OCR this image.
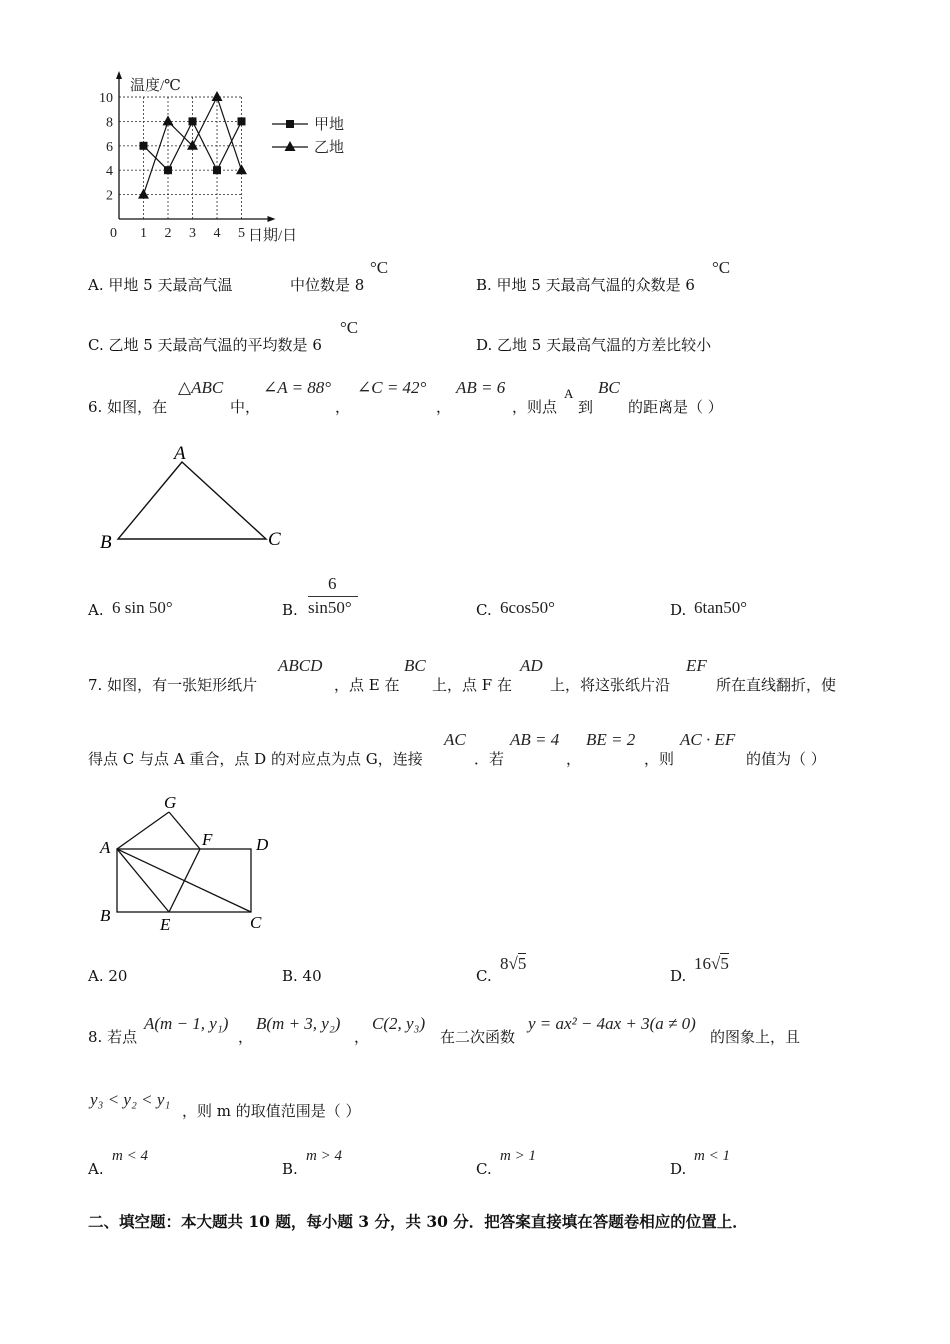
2
4
6
8
10
1 2 3 4 5
温度/℃
日期/日
0
甲地
乙地
A. 甲地 5 天最高气温	中位数是 8
°C
B. 甲地 5 天最高气温的众数是 6
°C
C. 乙地 5 天最高气温的平均数是 6
°C
D. 乙地 5 天最高气温的方差比较小
6. 如图，在
△ABC
中，
∠A = 88°
，
∠C = 42°
，
AB = 6
，则点
A
到
BC
的距离是（ ）
A
B	C
A. 6 sin 50°	B.
6
sin50°	C. 6cos50°	D. 6tan50°
7. 如图，有一张矩形纸片
ABCD
，点 E 在
BC
上，点 F 在
AD
上，将这张纸片沿
EF
所在直线翻折，使
得点 C 与点 A 重合，点 D 的对应点为点 G，连接
AC
．若
AB = 4
，
BE = 2
，则
AC · EF
的值为（ ）
G
A	F	D
B	E	C
A. 20	B. 40	C.
8√5
D.
16√5
8. 若点
A(m − 1, y₁)
，
B(m + 3, y₂)
，
C(2, y₃)
在二次函数
y = ax² − 4ax + 3(a ≠ 0)
的图象上，且
y₃ < y₂ < y₁
，则 m 的取值范围是（ ）
A.
m < 4
B.
m > 4
C.
m > 1
D.
m < 1
二、填空题：本大题共 10 题，每小题 3 分，共 30 分．把答案直接填在答题卷相应的位置上．
